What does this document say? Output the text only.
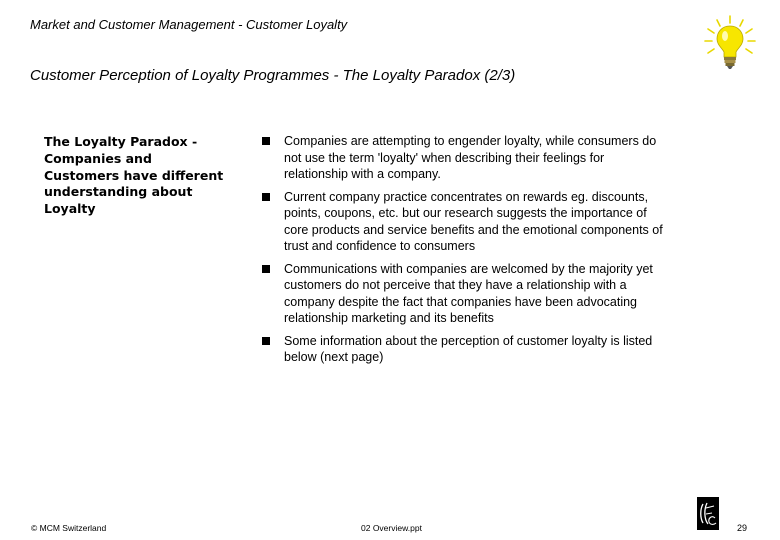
Market and Customer Management - Customer Loyalty
Customer Perception of Loyalty Programmes - The Loyalty Paradox (2/3)
The Loyalty Paradox -
Companies and
Customers have different
understanding about
Loyalty
Companies are attempting to engender loyalty, while consumers do
not use the term 'loyalty' when describing their feelings for
relationship with a company.
Current company practice concentrates on rewards eg. discounts,
points, coupons, etc. but our research suggests the importance of
core products and service benefits and the emotional components of
trust and confidence to consumers
Communications with companies are welcomed by the majority yet
customers do not perceive that they have a relationship with a
company despite the fact that companies have been advocating
relationship marketing and its benefits
Some information about the perception of customer loyalty is listed
below (next page)
© MCM Switzerland	02 Overview.ppt	29
